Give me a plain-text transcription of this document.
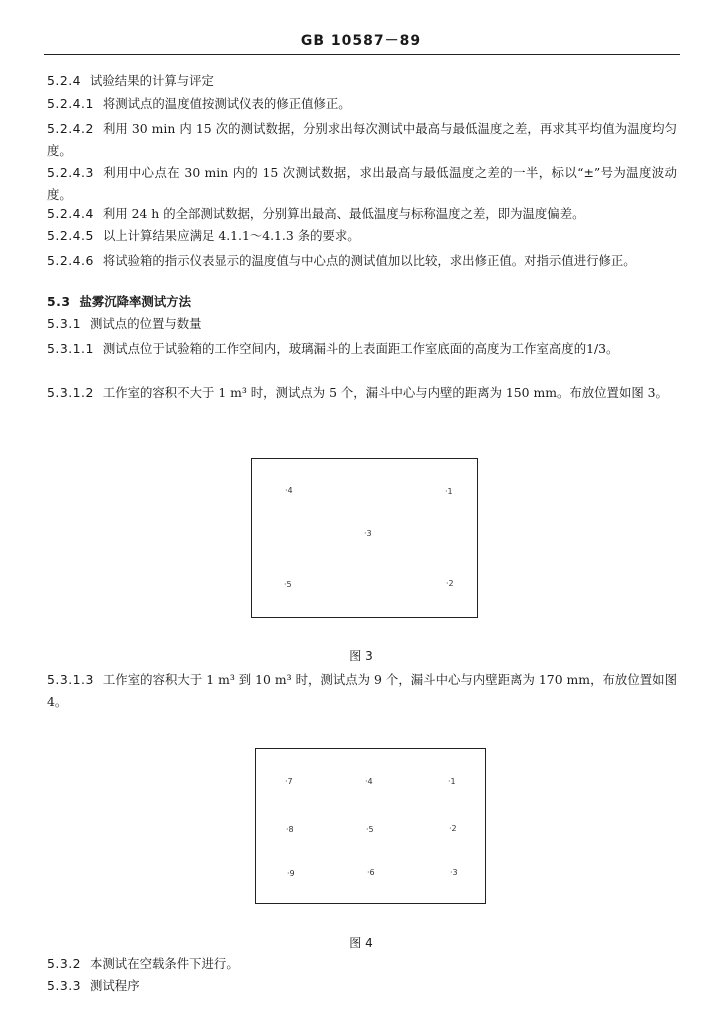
GB 10587－89
5.2.4 试验结果的计算与评定
5.2.4.1 将测试点的温度值按测试仪表的修正值修正。
5.2.4.2 利用 30 min 内 15 次的测试数据，分别求出每次测试中最高与最低温度之差，再求其平均值为温度均匀度。
5.2.4.3 利用中心点在 30 min 内的 15 次测试数据，求出最高与最低温度之差的一半，标以“±”号为温度波动度。
5.2.4.4 利用 24 h 的全部测试数据，分别算出最高、最低温度与标称温度之差，即为温度偏差。
5.2.4.5 以上计算结果应满足 4.1.1～4.1.3 条的要求。
5.2.4.6 将试验箱的指示仪表显示的温度值与中心点的测试值加以比较，求出修正值。对指示值进行修正。
5.3 盐雾沉降率测试方法
5.3.1 测试点的位置与数量
5.3.1.1 测试点位于试验箱的工作空间内，玻璃漏斗的上表面距工作室底面的高度为工作室高度的1/3。
5.3.1.2 工作室的容积不大于 1 m³ 时，测试点为 5 个，漏斗中心与内壁的距离为 150 mm。布放位置如图 3。
·4	·1
·3
·5	·2
图 3
5.3.1.3 工作室的容积大于 1 m³ 到 10 m³ 时，测试点为 9 个，漏斗中心与内壁距离为 170 mm，布放位置如图 4。
·7	·4	·1
·8	·5	·2
·9	·6	·3
图 4
5.3.2 本测试在空载条件下进行。
5.3.3 测试程序
